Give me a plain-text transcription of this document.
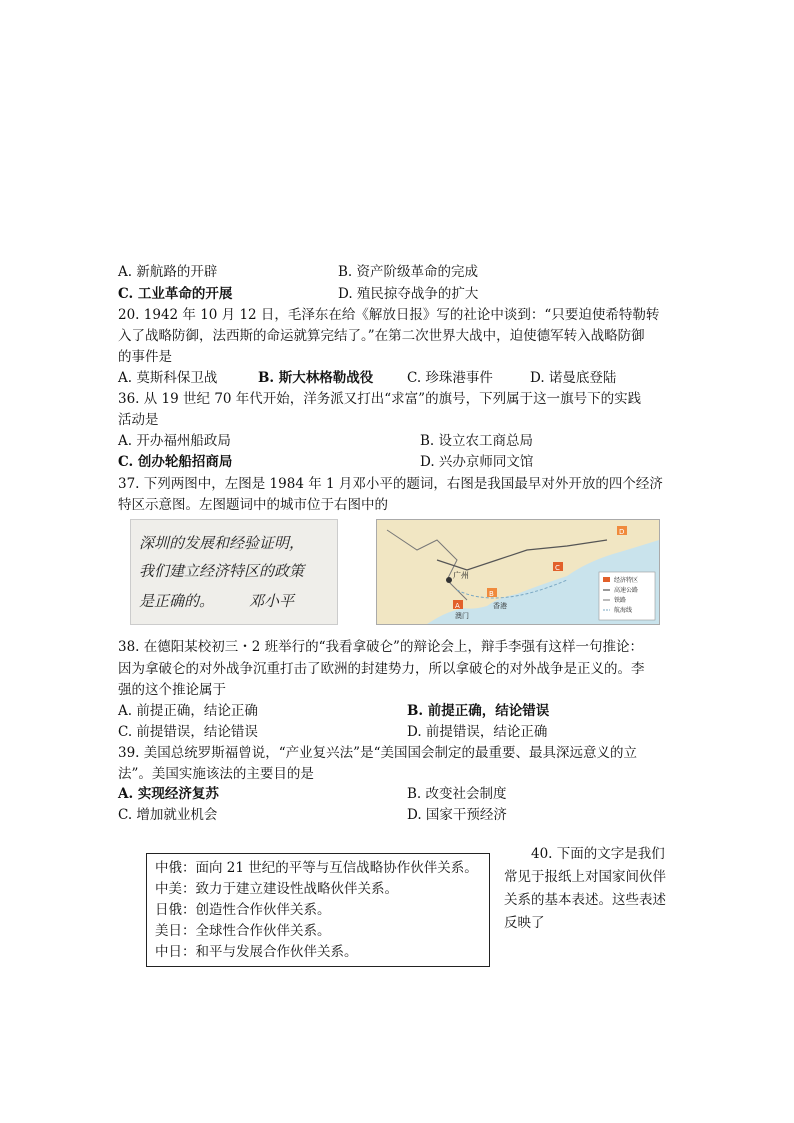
A. 新航路的开辟	B. 资产阶级革命的完成
C. 工业革命的开展	D. 殖民掠夺战争的扩大
20. 1942 年 10 月 12 日，毛泽东在给《解放日报》写的社论中谈到：“只要迫使希特勒转
入了战略防御，法西斯的命运就算完结了。”在第二次世界大战中，迫使德军转入战略防御
的事件是
A. 莫斯科保卫战	B. 斯大林格勒战役 C. 珍珠港事件	D. 诺曼底登陆
36. 从 19 世纪 70 年代开始，洋务派又打出“求富”的旗号，下列属于这一旗号下的实践
活动是
A. 开办福州船政局	B. 设立农工商总局
C. 创办轮船招商局	D. 兴办京师同文馆
37. 下列两图中，左图是 1984 年 1 月邓小平的题词，右图是我国最早对外开放的四个经济
特区示意图。左图题词中的城市位于右图中的
深圳的发展和经验证明，
我们建立经济特区的政策
是正确的。 邓小平
广州
A
B
C
D
澳门
香港
经济特区
高速公路
铁路
航海线
38. 在德阳某校初三・2 班举行的“我看拿破仑”的辩论会上，辩手李强有这样一句推论：
因为拿破仑的对外战争沉重打击了欧洲的封建势力，所以拿破仑的对外战争是正义的。李
强的这个推论属于
A. 前提正确，结论正确	B. 前提正确，结论错误
C. 前提错误，结论错误	D. 前提错误，结论正确
39. 美国总统罗斯福曾说，“产业复兴法”是“美国国会制定的最重要、最具深远意义的立
法”。美国实施该法的主要目的是
A. 实现经济复苏	B. 改变社会制度
C. 增加就业机会	D. 国家干预经济
中俄：面向 21 世纪的平等与互信战略协作伙伴关系。
中美：致力于建立建设性战略伙伴关系。
日俄：创造性合作伙伴关系。
美日：全球性合作伙伴关系。
中日：和平与发展合作伙伴关系。
40. 下面的文字是我们
常见于报纸上对国家间伙伴
关系的基本表述。这些表述
反映了
